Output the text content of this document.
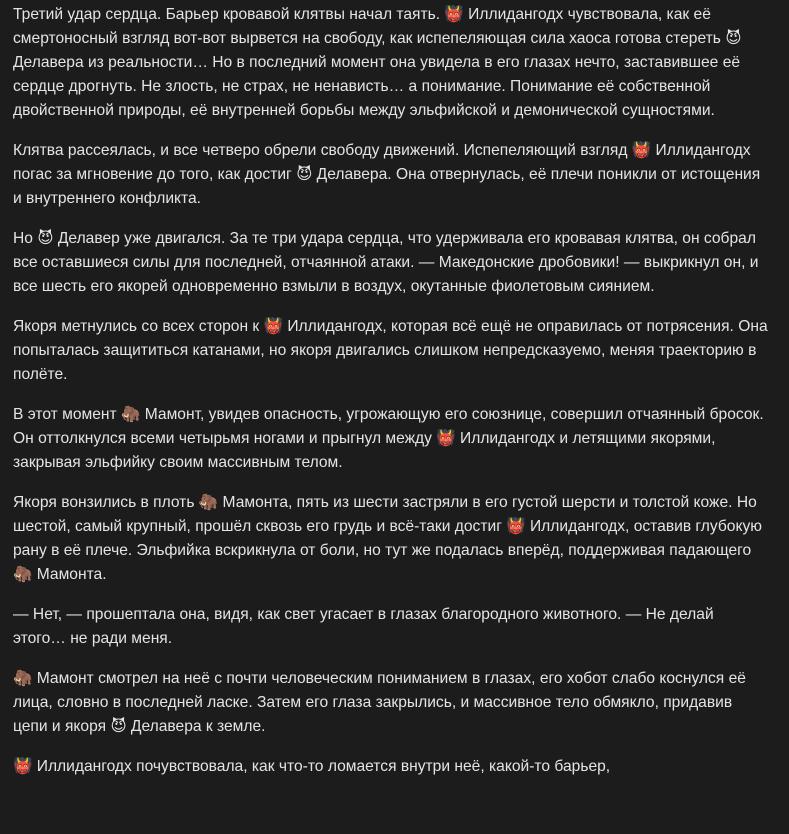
Третий удар сердца. Барьер кровавой клятвы начал таять. 👹 Иллидангодх чувствовала, как её смертоносный взгляд вот-вот вырвется на свободу, как испепеляющая сила хаоса готова стереть 😈 Делавера из реальности… Но в последний момент она увидела в его глазах нечто, заставившее её сердце дрогнуть. Не злость, не страх, не ненависть… а понимание. Понимание её собственной двойственной природы, её внутренней борьбы между эльфийской и демонической сущностями.

Клятва рассеялась, и все четверо обрели свободу движений. Испепеляющий взгляд 👹 Иллидангодх погас за мгновение до того, как достиг 😈 Делавера. Она отвернулась, её плечи поникли от истощения и внутреннего конфликта.

Но 😈 Делавер уже двигался. За те три удара сердца, что удерживала его кровавая клятва, он собрал все оставшиеся силы для последней, отчаянной атаки. — Македонские дробовики! — выкрикнул он, и все шесть его якорей одновременно взмыли в воздух, окутанные фиолетовым сиянием.

Якоря метнулись со всех сторон к 👹 Иллидангодх, которая всё ещё не оправилась от потрясения. Она попыталась защититься катанами, но якоря двигались слишком непредсказуемо, меняя траекторию в полёте.

В этот момент 🦣 Мамонт, увидев опасность, угрожающую его союзнице, совершил отчаянный бросок. Он оттолкнулся всеми четырьмя ногами и прыгнул между 👹 Иллидангодх и летящими якорями, закрывая эльфийку своим массивным телом.

Якоря вонзились в плоть 🦣 Мамонта, пять из шести застряли в его густой шерсти и толстой коже. Но шестой, самый крупный, прошёл сквозь его грудь и всё-таки достиг 👹 Иллидангодх, оставив глубокую рану в её плече. Эльфийка вскрикнула от боли, но тут же подалась вперёд, поддерживая падающего 🦣 Мамонта.

— Нет, — прошептала она, видя, как свет угасает в глазах благородного животного. — Не делай этого… не ради меня.

🦣 Мамонт смотрел на неё с почти человеческим пониманием в глазах, его хобот слабо коснулся её лица, словно в последней ласке. Затем его глаза закрылись, и массивное тело обмякло, придавив цепи и якоря 😈 Делавера к земле.

👹 Иллидангодх почувствовала, как что-то ломается внутри неё, какой-то барьер,
